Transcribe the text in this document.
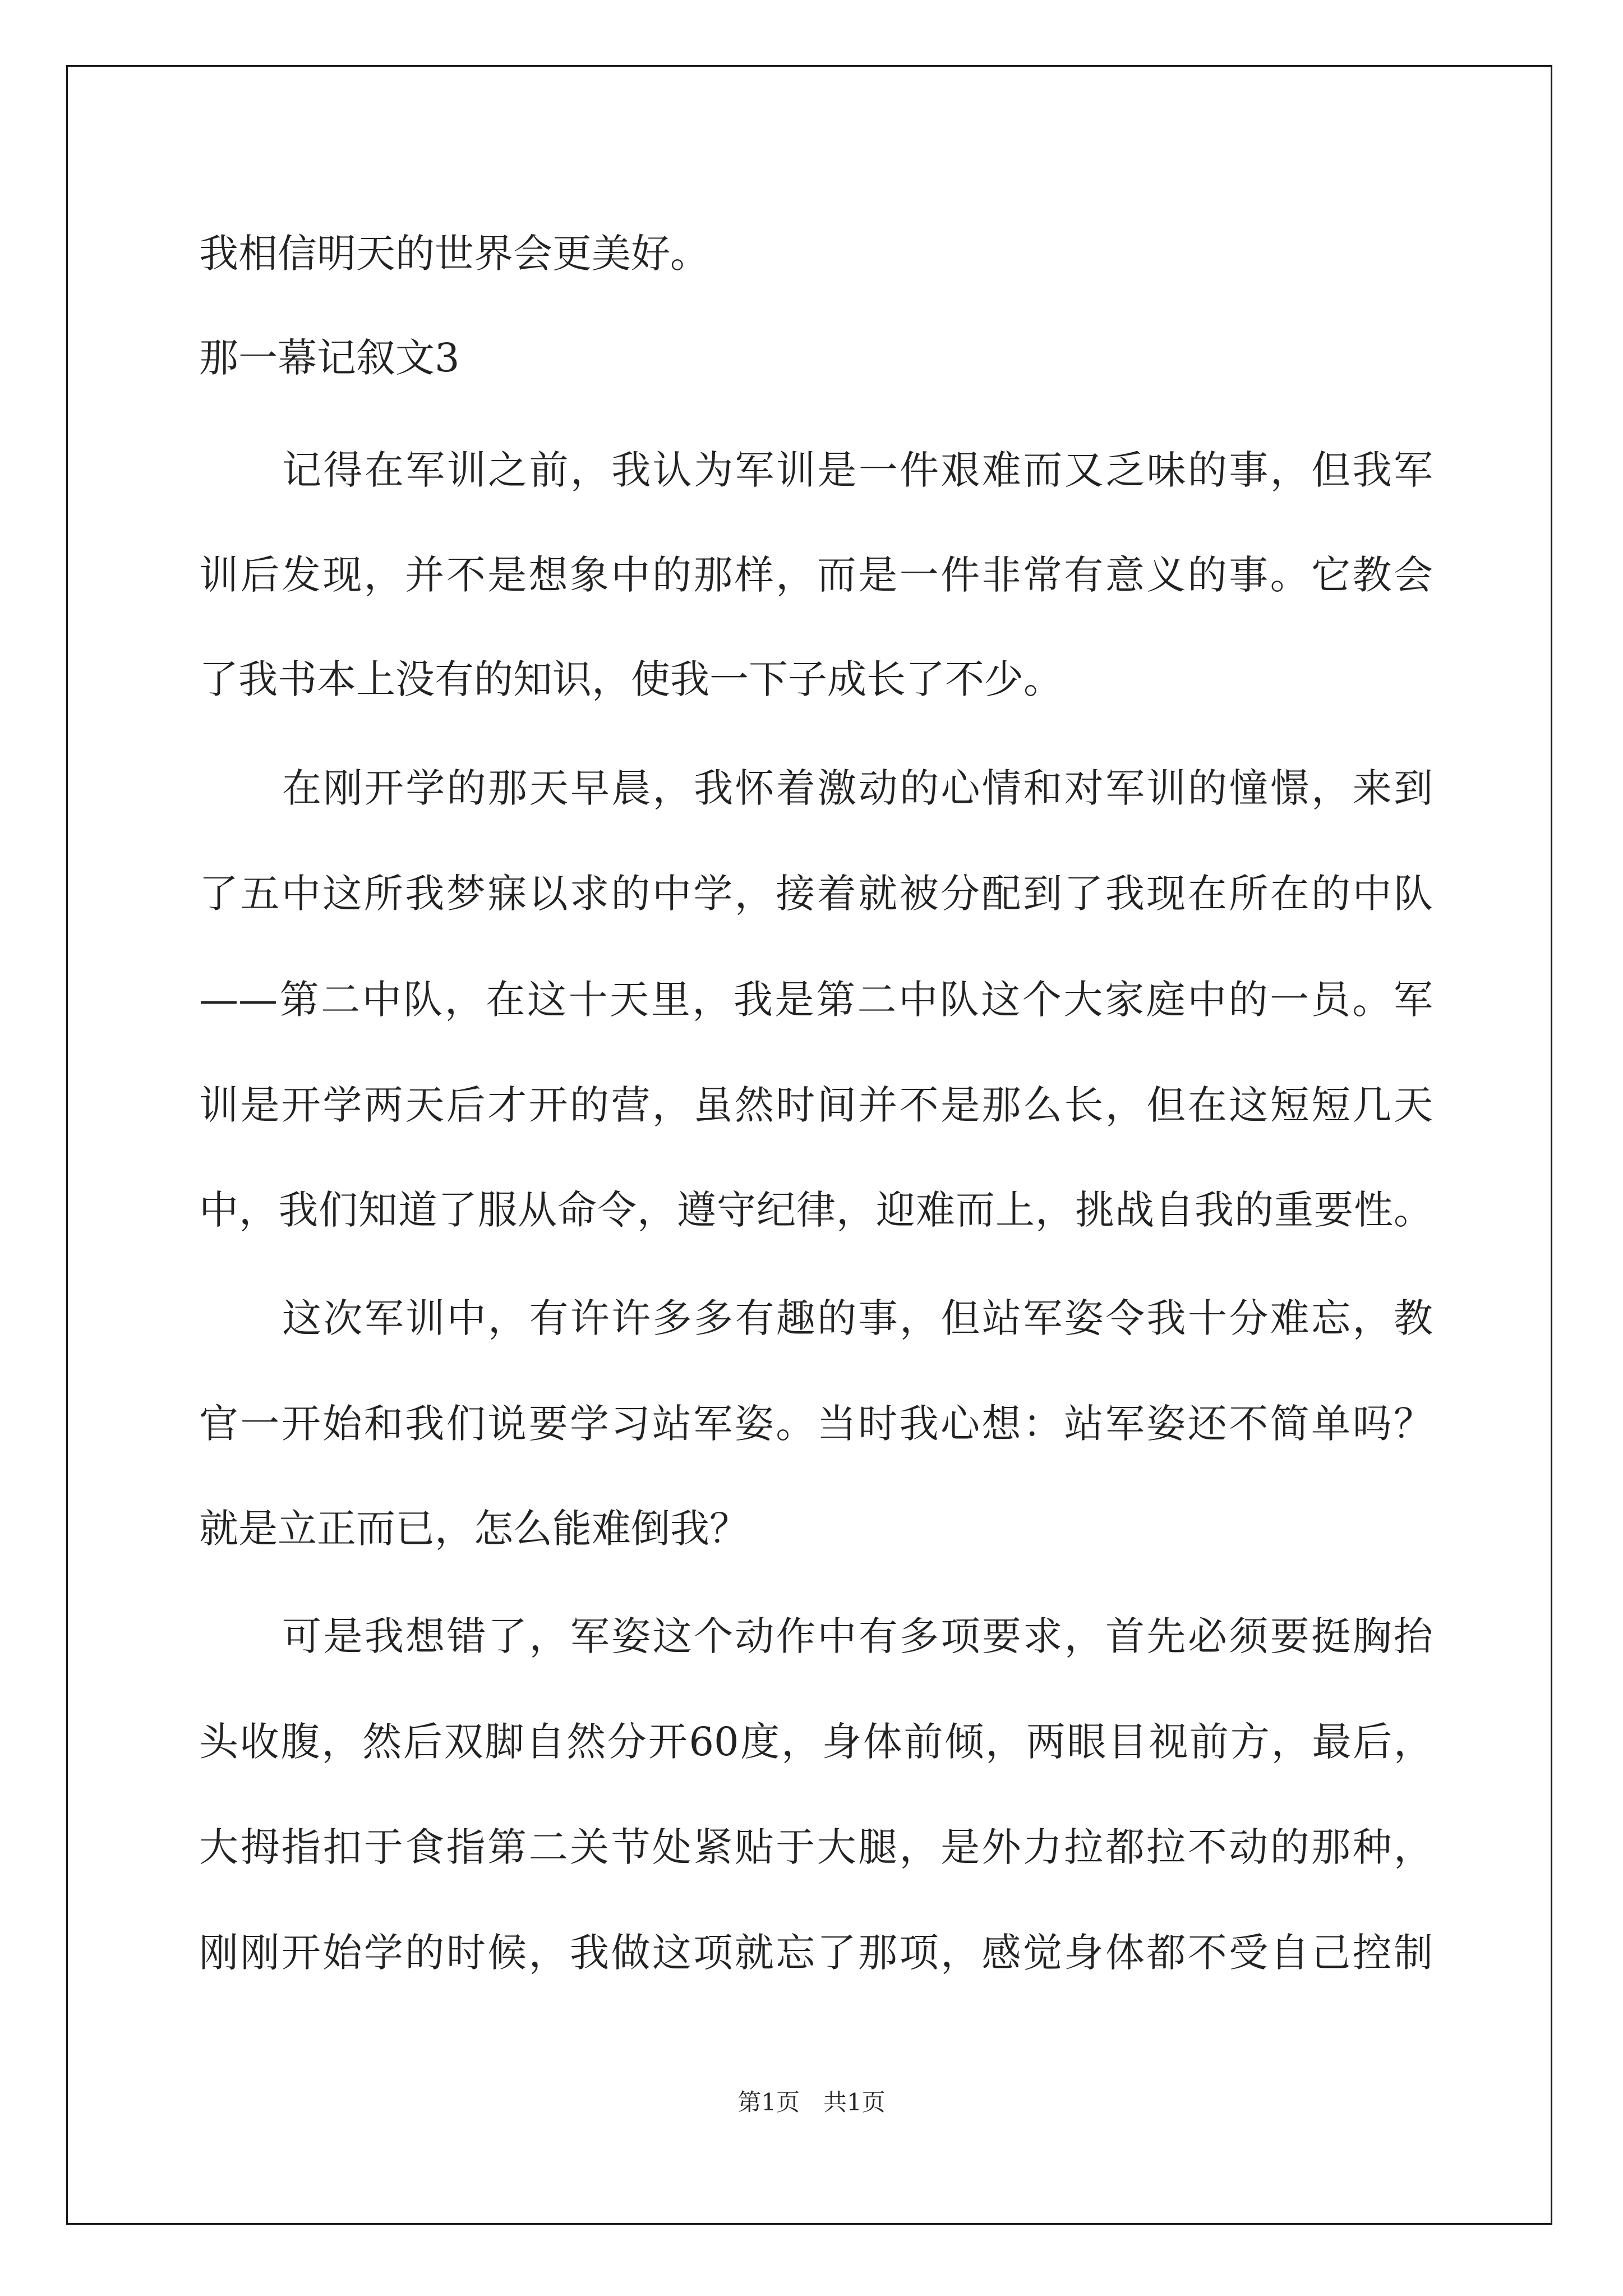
我相信明天的世界会更美好。
那一幕记叙文3
记得在军训之前，我认为军训是一件艰难而又乏味的事，但我军
训后发现，并不是想象中的那样，而是一件非常有意义的事。它教会
了我书本上没有的知识，使我一下子成长了不少。
在刚开学的那天早晨，我怀着激动的心情和对军训的憧憬，来到
了五中这所我梦寐以求的中学，接着就被分配到了我现在所在的中队
——第二中队，在这十天里，我是第二中队这个大家庭中的一员。军
训是开学两天后才开的营，虽然时间并不是那么长，但在这短短几天
中，我们知道了服从命令，遵守纪律，迎难而上，挑战自我的重要性。
这次军训中，有许许多多有趣的事，但站军姿令我十分难忘，教
官一开始和我们说要学习站军姿。当时我心想：站军姿还不简单吗？
就是立正而已，怎么能难倒我？
可是我想错了，军姿这个动作中有多项要求，首先必须要挺胸抬
头收腹，然后双脚自然分开60度，身体前倾，两眼目视前方，最后，
大拇指扣于食指第二关节处紧贴于大腿，是外力拉都拉不动的那种，
刚刚开始学的时候，我做这项就忘了那项，感觉身体都不受自己控制
第1页　共1页
